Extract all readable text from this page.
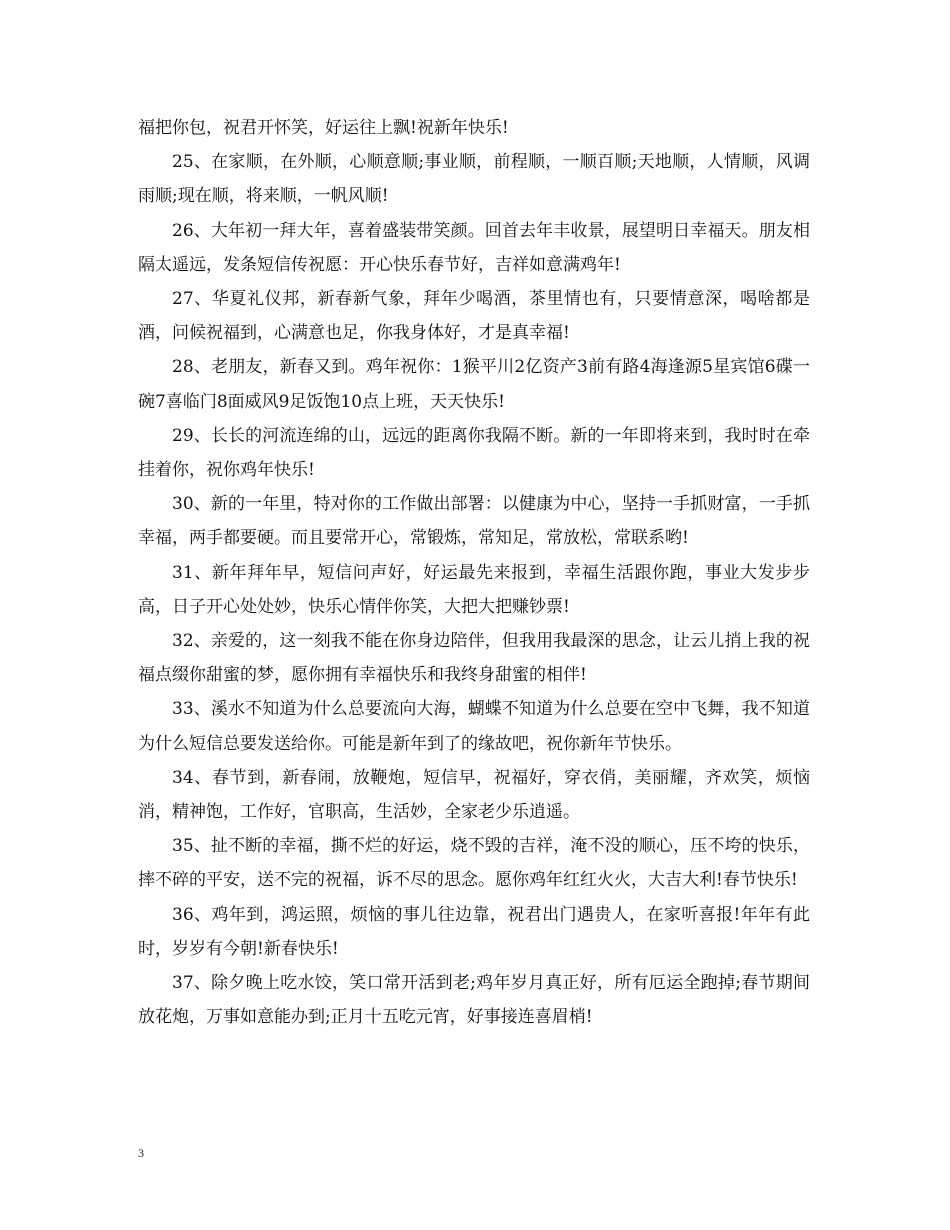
福把你包，祝君开怀笑，好运往上飘!祝新年快乐!

25、在家顺，在外顺，心顺意顺;事业顺，前程顺，一顺百顺;天地顺，人情顺，风调雨顺;现在顺，将来顺，一帆风顺!

26、大年初一拜大年，喜着盛装带笑颜。回首去年丰收景，展望明日幸福天。朋友相隔太遥远，发条短信传祝愿：开心快乐春节好，吉祥如意满鸡年!

27、华夏礼仪邦，新春新气象，拜年少喝酒，茶里情也有，只要情意深，喝啥都是酒，问候祝福到，心满意也足，你我身体好，才是真幸福!

28、老朋友，新春又到。鸡年祝你：1猴平川2亿资产3前有路4海逢源5星宾馆6碟一碗7喜临门8面威风9足饭饱10点上班，天天快乐!

29、长长的河流连绵的山，远远的距离你我隔不断。新的一年即将来到，我时时在牵挂着你，祝你鸡年快乐!

30、新的一年里，特对你的工作做出部署：以健康为中心，坚持一手抓财富，一手抓幸福，两手都要硬。而且要常开心，常锻炼，常知足，常放松，常联系哟!

31、新年拜年早，短信问声好，好运最先来报到，幸福生活跟你跑，事业大发步步高，日子开心处处妙，快乐心情伴你笑，大把大把赚钞票!

32、亲爱的，这一刻我不能在你身边陪伴，但我用我最深的思念，让云儿捎上我的祝福点缀你甜蜜的梦，愿你拥有幸福快乐和我终身甜蜜的相伴!

33、溪水不知道为什么总要流向大海，蝴蝶不知道为什么总要在空中飞舞，我不知道为什么短信总要发送给你。可能是新年到了的缘故吧，祝你新年节快乐。

34、春节到，新春闹，放鞭炮，短信早，祝福好，穿衣俏，美丽耀，齐欢笑，烦恼消，精神饱，工作好，官职高，生活妙，全家老少乐逍遥。

35、扯不断的幸福，撕不烂的好运，烧不毁的吉祥，淹不没的顺心，压不垮的快乐，摔不碎的平安，送不完的祝福，诉不尽的思念。愿你鸡年红红火火，大吉大利!春节快乐!

36、鸡年到，鸿运照，烦恼的事儿往边靠，祝君出门遇贵人，在家听喜报!年年有此时，岁岁有今朝!新春快乐!

37、除夕晚上吃水饺，笑口常开活到老;鸡年岁月真正好，所有厄运全跑掉;春节期间放花炮，万事如意能办到;正月十五吃元宵，好事接连喜眉梢!

3
